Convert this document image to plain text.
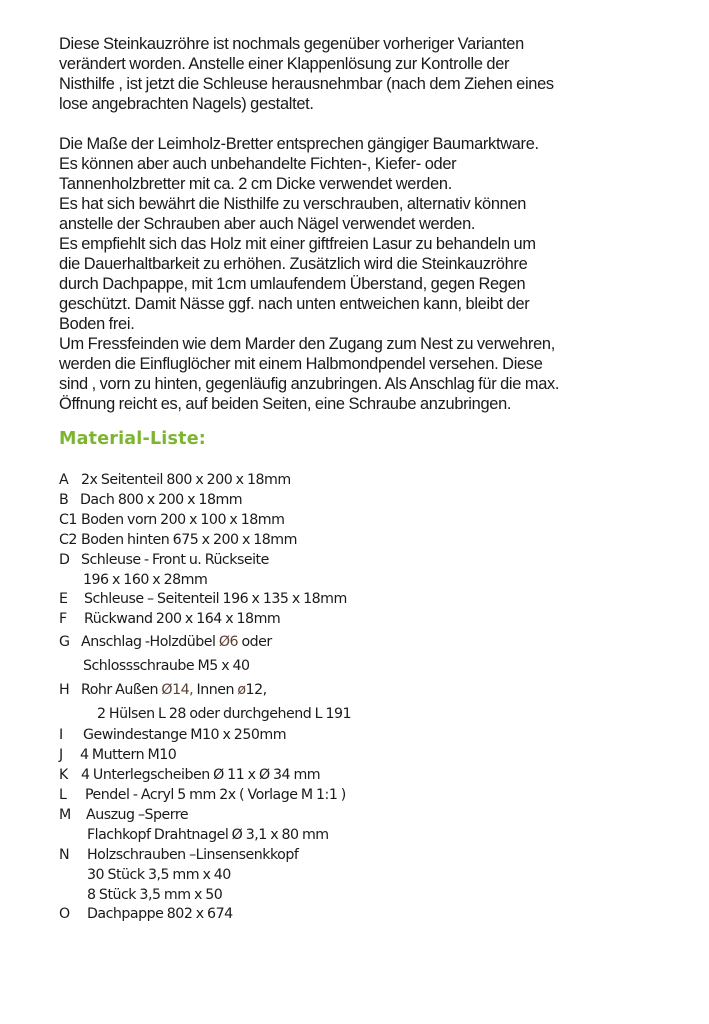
Diese Steinkauzröhre ist nochmals gegenüber vorheriger Varianten
verändert worden. Anstelle einer Klappenlösung zur Kontrolle der
Nisthilfe , ist jetzt die Schleuse herausnehmbar (nach dem Ziehen eines
lose angebrachten Nagels) gestaltet.

Die Maße der Leimholz-Bretter entsprechen gängiger Baumarktware.
Es können aber auch unbehandelte Fichten-, Kiefer- oder
Tannenholzbretter mit ca. 2 cm Dicke verwendet werden.
Es hat sich bewährt die Nisthilfe zu verschrauben, alternativ können
anstelle der Schrauben aber auch Nägel verwendet werden.
Es empfiehlt sich das Holz mit einer giftfreien Lasur zu behandeln um
die Dauerhaltbarkeit zu erhöhen. Zusätzlich wird die Steinkauzröhre
durch Dachpappe, mit 1cm umlaufendem Überstand, gegen Regen
geschützt. Damit Nässe ggf. nach unten entweichen kann, bleibt der
Boden frei.
Um Fressfeinden wie dem Marder den Zugang zum Nest zu verwehren,
werden die Einfluglöcher mit einem Halbmondpendel versehen. Diese
sind , vorn zu hinten, gegenläufig anzubringen. Als Anschlag für die max.
Öffnung reicht es, auf beiden Seiten, eine Schraube anzubringen.

Material-Liste:
A 2x Seitenteil 800 x 200 x 18mm
B Dach 800 x 200 x 18mm
C1 Boden vorn 200 x 100 x 18mm
C2 Boden hinten 675 x 200 x 18mm
D Schleuse - Front u. Rückseite
196 x 160 x 28mm
E Schleuse – Seitenteil 196 x 135 x 18mm
F Rückwand 200 x 164 x 18mm
G Anschlag -Holzdübel Ø6 oder
Schlossschraube M5 x 40
H Rohr Außen Ø14, Innen ø12,
2 Hülsen L 28 oder durchgehend L 191
I Gewindestange M10 x 250mm
J 4 Muttern M10
K 4 Unterlegscheiben Ø 11 x Ø 34 mm
L Pendel - Acryl 5 mm 2x ( Vorlage M 1:1 )
M Auszug –Sperre
Flachkopf Drahtnagel Ø 3,1 x 80 mm
N Holzschrauben –Linsensenkkopf
30 Stück 3,5 mm x 40
8 Stück 3,5 mm x 50
O Dachpappe 802 x 674
